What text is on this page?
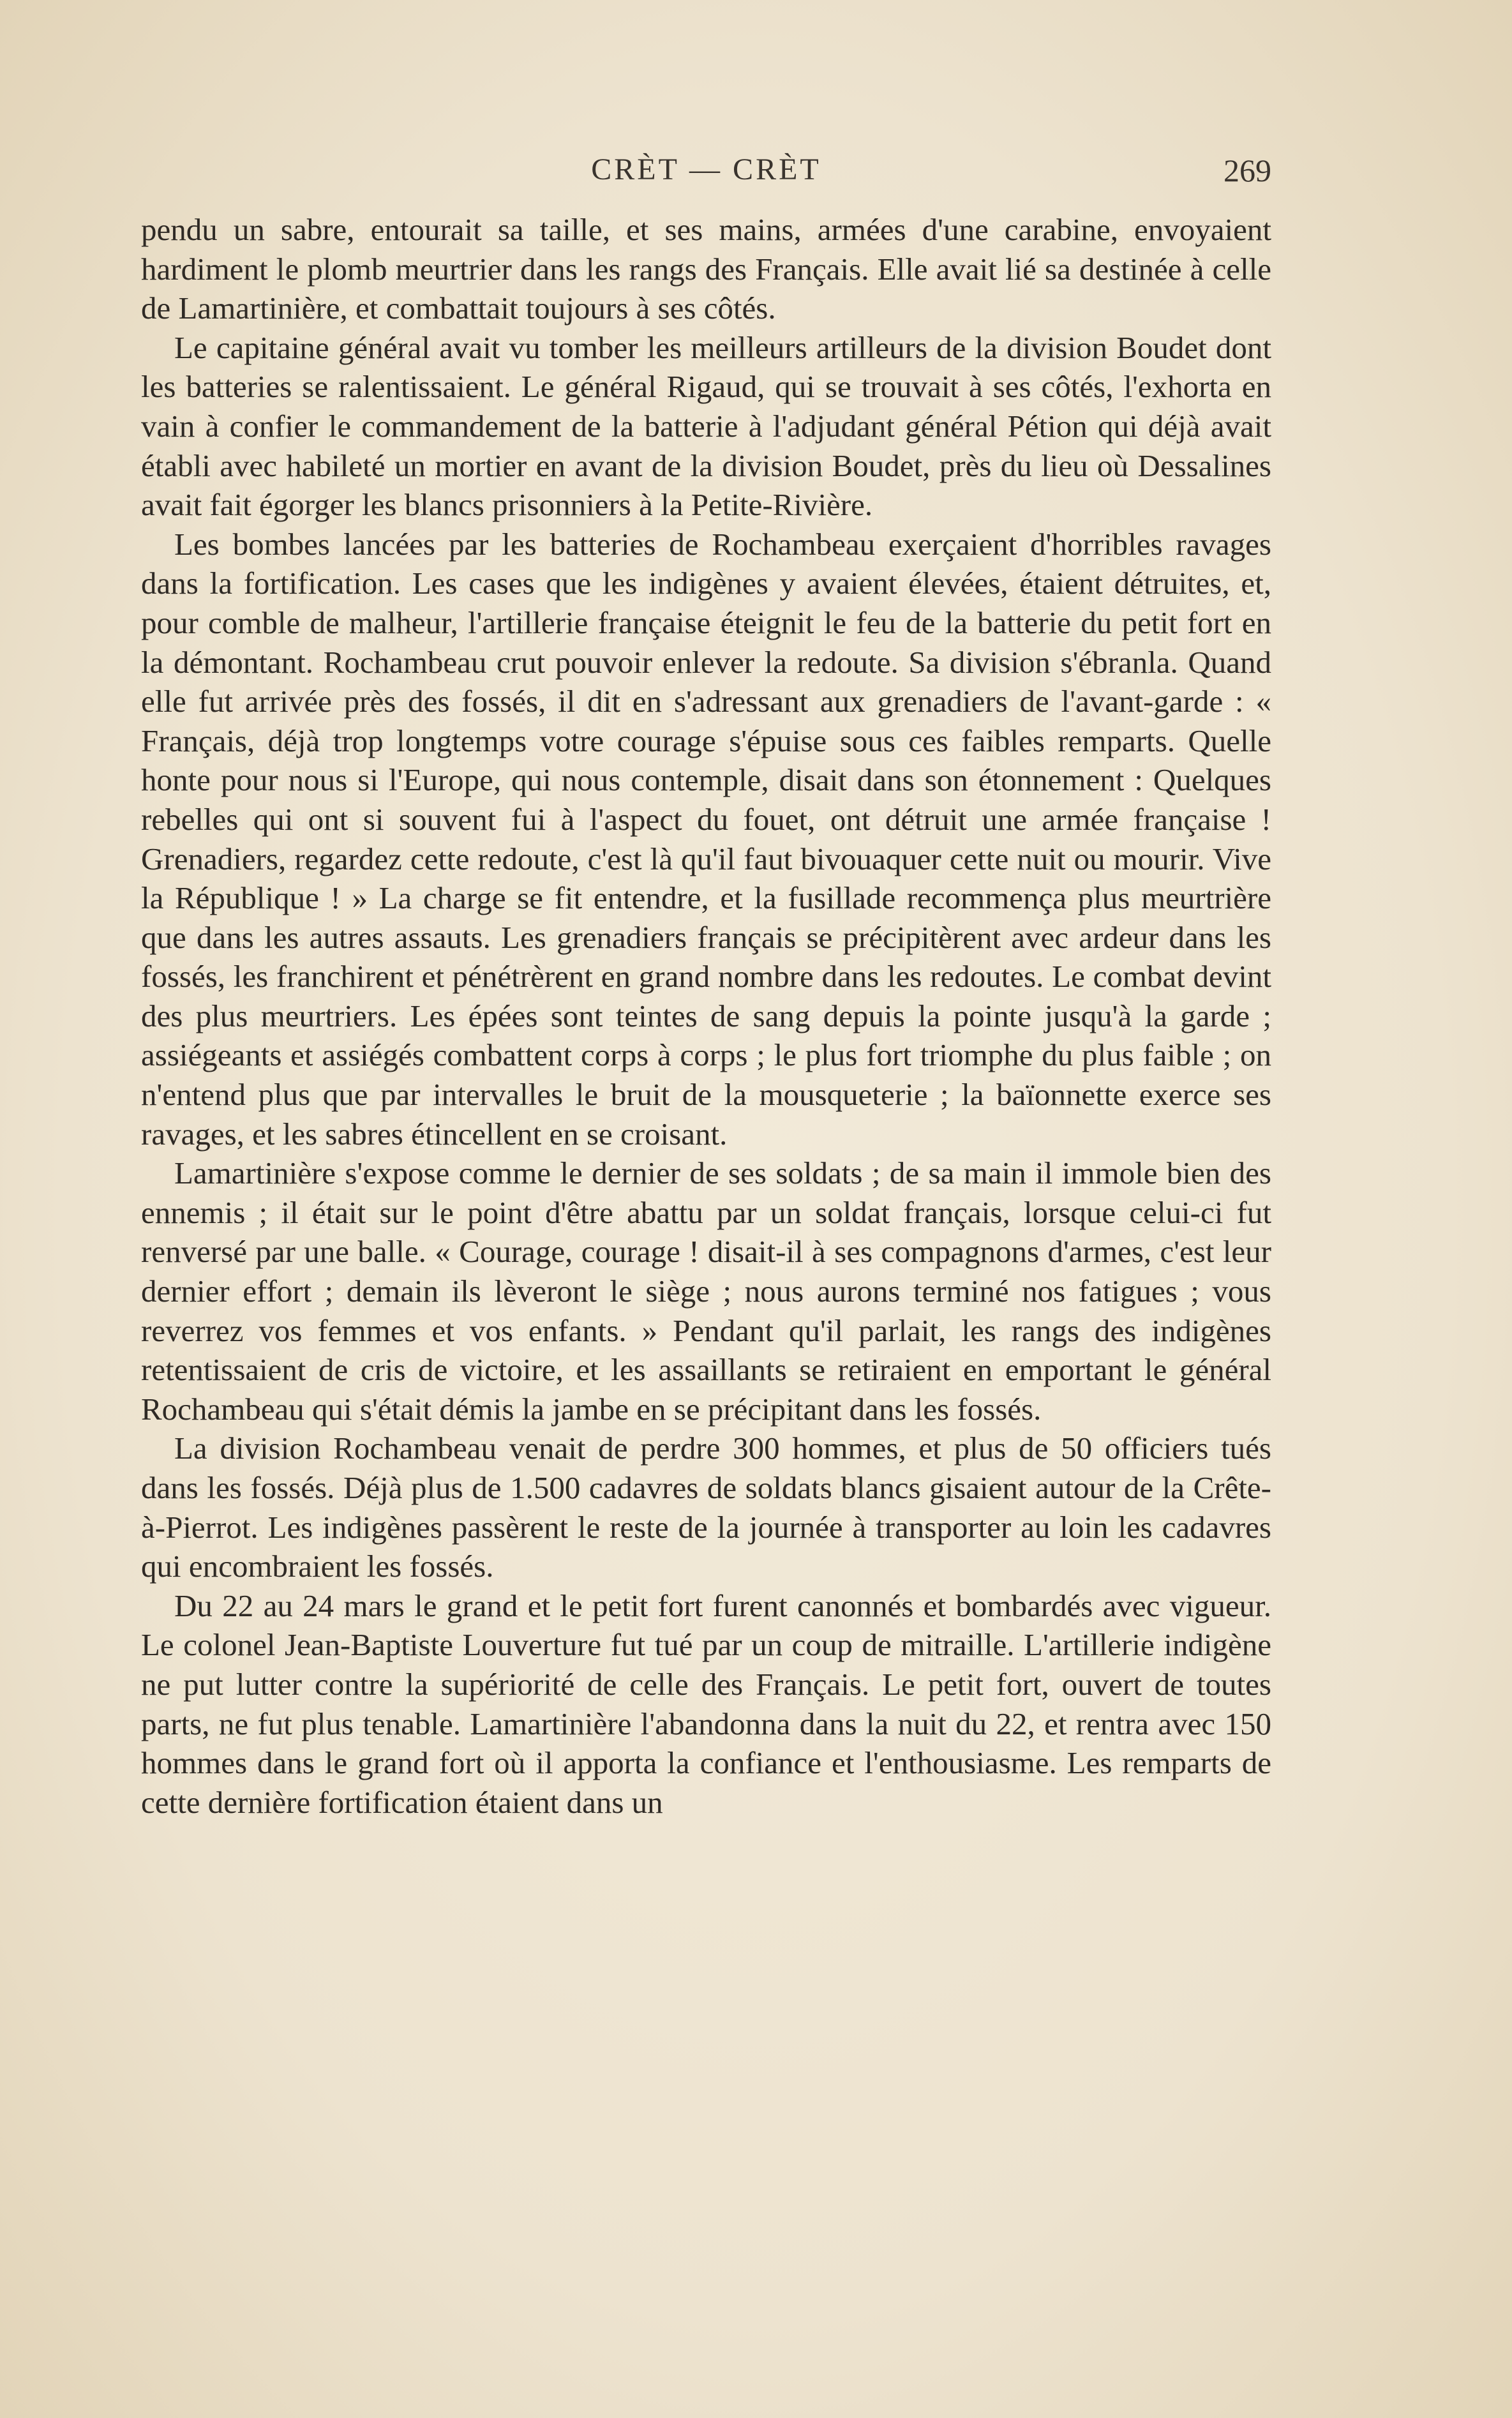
CRÈT — CRÈT	269

pendu un sabre, entourait sa taille, et ses mains, armées d'une carabine, envoyaient hardiment le plomb meurtrier dans les rangs des Français. Elle avait lié sa destinée à celle de Lamartinière, et combattait toujours à ses côtés.

Le capitaine général avait vu tomber les meilleurs artilleurs de la division Boudet dont les batteries se ralentissaient. Le général Rigaud, qui se trouvait à ses côtés, l'exhorta en vain à confier le commandement de la batterie à l'adjudant général Pétion qui déjà avait établi avec habileté un mortier en avant de la division Boudet, près du lieu où Dessalines avait fait égorger les blancs prisonniers à la Petite-Rivière.

Les bombes lancées par les batteries de Rochambeau exerçaient d'horribles ravages dans la fortification. Les cases que les indigènes y avaient élevées, étaient détruites, et, pour comble de malheur, l'artillerie française éteignit le feu de la batterie du petit fort en la démontant. Rochambeau crut pouvoir enlever la redoute. Sa division s'ébranla. Quand elle fut arrivée près des fossés, il dit en s'adressant aux grenadiers de l'avant-garde : « Français, déjà trop longtemps votre courage s'épuise sous ces faibles remparts. Quelle honte pour nous si l'Europe, qui nous contemple, disait dans son étonnement : Quelques rebelles qui ont si souvent fui à l'aspect du fouet, ont détruit une armée française ! Grenadiers, regardez cette redoute, c'est là qu'il faut bivouaquer cette nuit ou mourir. Vive la République ! » La charge se fit entendre, et la fusillade recommença plus meurtrière que dans les autres assauts. Les grenadiers français se précipitèrent avec ardeur dans les fossés, les franchirent et pénétrèrent en grand nombre dans les redoutes. Le combat devint des plus meurtriers. Les épées sont teintes de sang depuis la pointe jusqu'à la garde ; assiégeants et assiégés combattent corps à corps ; le plus fort triomphe du plus faible ; on n'entend plus que par intervalles le bruit de la mousqueterie ; la baïonnette exerce ses ravages, et les sabres étincellent en se croisant.

Lamartinière s'expose comme le dernier de ses soldats ; de sa main il immole bien des ennemis ; il était sur le point d'être abattu par un soldat français, lorsque celui-ci fut renversé par une balle. « Courage, courage ! disait-il à ses compagnons d'armes, c'est leur dernier effort ; demain ils lèveront le siège ; nous aurons terminé nos fatigues ; vous reverrez vos femmes et vos enfants. » Pendant qu'il parlait, les rangs des indigènes retentissaient de cris de victoire, et les assaillants se retiraient en emportant le général Rochambeau qui s'était démis la jambe en se précipitant dans les fossés.

La division Rochambeau venait de perdre 300 hommes, et plus de 50 officiers tués dans les fossés. Déjà plus de 1.500 cadavres de soldats blancs gisaient autour de la Crête-à-Pierrot. Les indigènes passèrent le reste de la journée à transporter au loin les cadavres qui encombraient les fossés.

Du 22 au 24 mars le grand et le petit fort furent canonnés et bombardés avec vigueur. Le colonel Jean-Baptiste Louverture fut tué par un coup de mitraille. L'artillerie indigène ne put lutter contre la supériorité de celle des Français. Le petit fort, ouvert de toutes parts, ne fut plus tenable. Lamartinière l'abandonna dans la nuit du 22, et rentra avec 150 hommes dans le grand fort où il apporta la confiance et l'enthousiasme. Les remparts de cette dernière fortification étaient dans un
